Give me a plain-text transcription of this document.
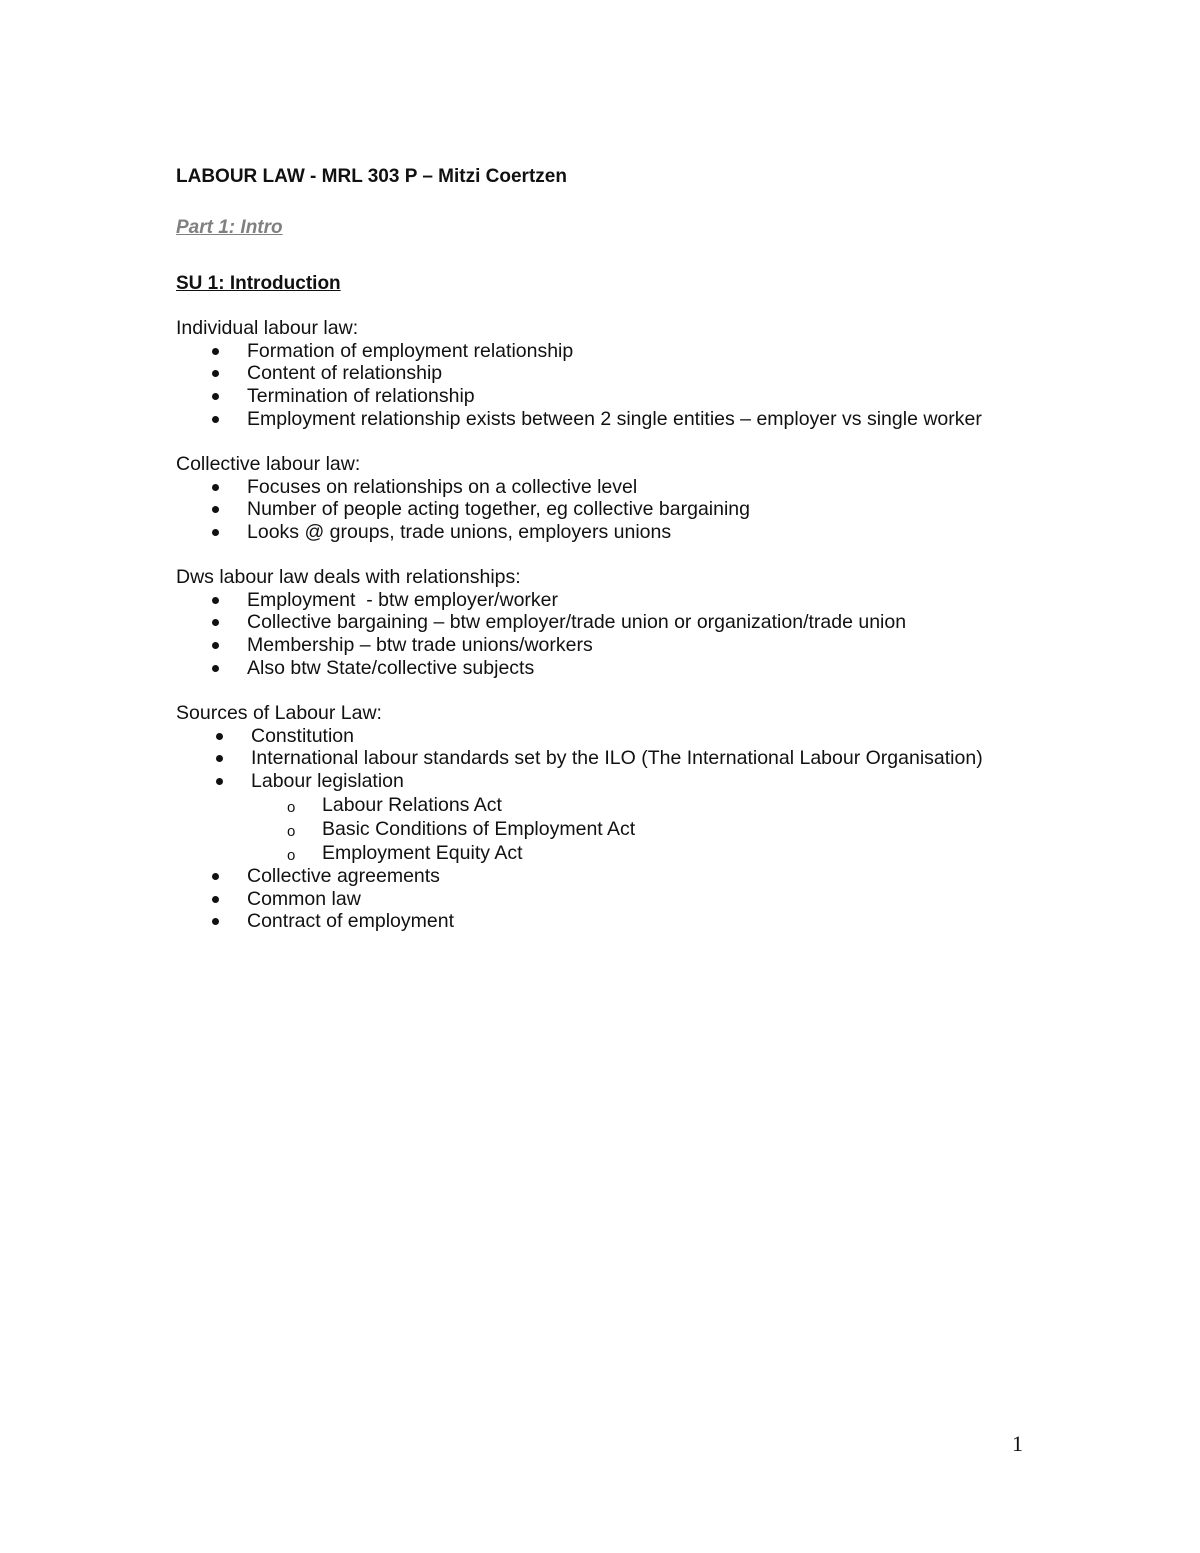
LABOUR LAW - MRL 303 P – Mitzi Coertzen
Part 1: Intro
SU 1: Introduction
Individual labour law:
Formation of employment relationship
Content of relationship
Termination of relationship
Employment relationship exists between 2 single entities – employer vs single worker
Collective labour law:
Focuses on relationships on a collective level
Number of people acting together, eg collective bargaining
Looks @ groups, trade unions, employers unions
Dws labour law deals with relationships:
Employment  - btw employer/worker
Collective bargaining – btw employer/trade union or organization/trade union
Membership – btw trade unions/workers
Also btw State/collective subjects
Sources of Labour Law:
Constitution
International labour standards set by the ILO (The International Labour Organisation)
Labour legislation
o Labour Relations Act
o Basic Conditions of Employment Act
o Employment Equity Act
Collective agreements
Common law
Contract of employment
1
